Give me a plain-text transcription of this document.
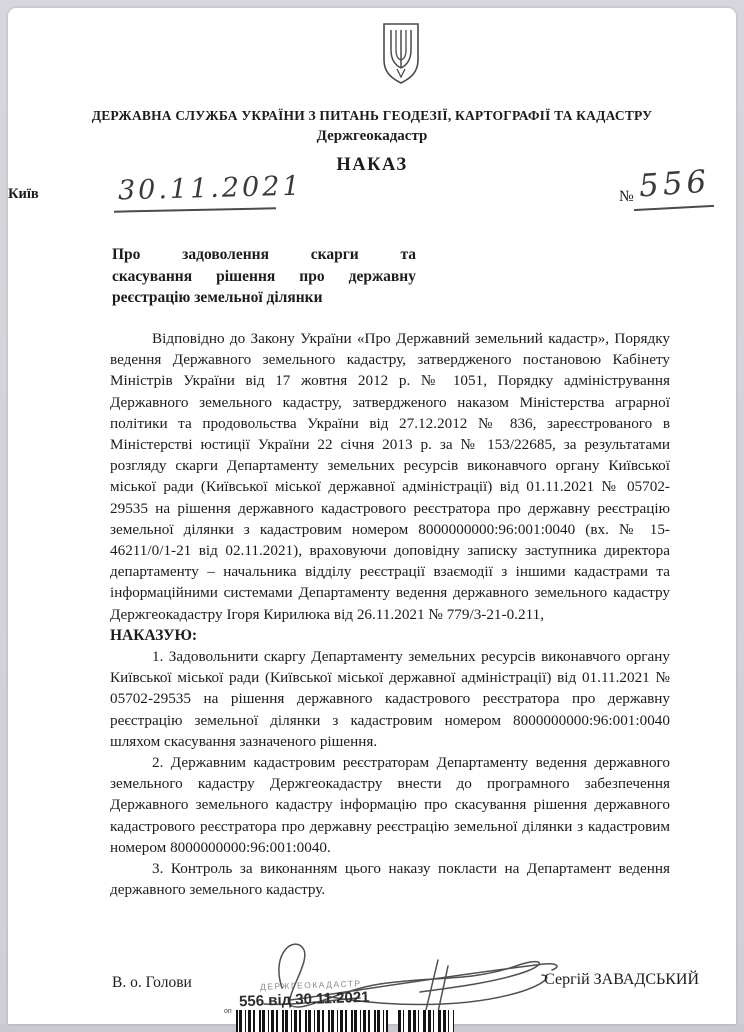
ДЕРЖАВНА СЛУЖБА УКРАЇНИ З ПИТАНЬ ГЕОДЕЗІЇ, КАРТОГРАФІЇ ТА КАДАСТРУ
Держгеокадастр
НАКАЗ
30.11.2021
Київ	№ 556
Про задоволення скарги та
скасування рішення про державну
реєстрацію земельної ділянки

Відповідно до Закону України «Про Державний земельний кадастр», Порядку ведення Державного земельного кадастру, затвердженого постановою Кабінету Міністрів України від 17 жовтня 2012 р. № 1051, Порядку адміністрування Державного земельного кадастру, затвердженого наказом Міністерства аграрної політики та продовольства України від 27.12.2012 № 836, зареєстрованого в Міністерстві юстиції України 22 січня 2013 р. за № 153/22685, за результатами розгляду скарги Департаменту земельних ресурсів виконавчого органу Київської міської ради (Київської міської державної адміністрації) від 01.11.2021 № 05702-29535 на рішення державного кадастрового реєстратора про державну реєстрацію земельної ділянки з кадастровим номером 8000000000:96:001:0040 (вх. № 15-46211/0/1-21 від 02.11.2021), враховуючи доповідну записку заступника директора департаменту – начальника відділу реєстрації взаємодії з іншими кадастрами та інформаційними системами Департаменту ведення державного земельного кадастру Держгеокадастру Ігоря Кирилюка від 26.11.2021 № 779/3-21-0.211,

НАКАЗУЮ:

1. Задовольнити скаргу Департаменту земельних ресурсів виконавчого органу Київської міської ради (Київської міської державної адміністрації) від 01.11.2021 № 05702-29535 на рішення державного кадастрового реєстратора про державну реєстрацію земельної ділянки з кадастровим номером 8000000000:96:001:0040 шляхом скасування зазначеного рішення.

2. Державним кадастровим реєстраторам Департаменту ведення державного земельного кадастру Держгеокадастру внести до програмного забезпечення Державного земельного кадастру інформацію про скасування рішення державного кадастрового реєстратора про державну реєстрацію земельної ділянки з кадастровим номером 8000000000:96:001:0040.

3. Контроль за виконанням цього наказу покласти на Департамент ведення державного земельного кадастру.

В. о. Голови	ДЕРЖГЕОКАДАСТР
556 від 30.11.2021
Сергій ЗАВАДСЬКИЙ
оп
